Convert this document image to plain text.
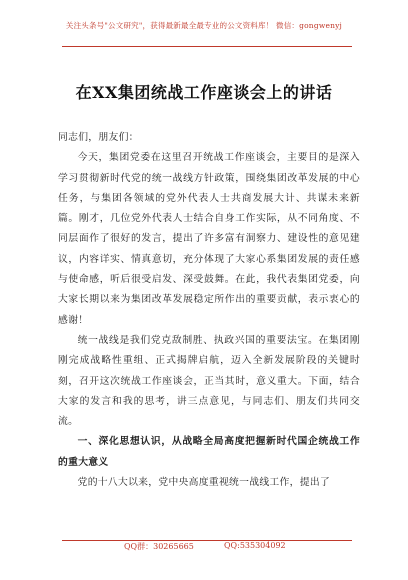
关注头条号"公文研究"，获得最新最全最专业的公文资料库！ 微信：gongwenyj
在XX集团统战工作座谈会上的讲话

同志们，朋友们：

今天，集团党委在这里召开统战工作座谈会，主要目的是深入学习贯彻新时代党的统一战线方针政策，围绕集团改革发展的中心任务，与集团各领域的党外代表人士共商发展大计、共谋未来新篇。刚才，几位党外代表人士结合自身工作实际，从不同角度、不同层面作了很好的发言，提出了许多富有洞察力、建设性的意见建议，内容详实、情真意切，充分体现了大家心系集团发展的责任感与使命感，听后很受启发、深受鼓舞。在此，我代表集团党委，向大家长期以来为集团改革发展稳定所作出的重要贡献，表示衷心的感谢！

统一战线是我们党克敌制胜、执政兴国的重要法宝。在集团刚刚完成战略性重组、正式揭牌启航，迈入全新发展阶段的关键时刻，召开这次统战工作座谈会，正当其时，意义重大。下面，结合大家的发言和我的思考，讲三点意见，与同志们、朋友们共同交流。

一、深化思想认识，从战略全局高度把握新时代国企统战工作的重大意义

党的十八大以来，党中央高度重视统一战线工作，提出了

QQ群：30265665	QQ:535304092
